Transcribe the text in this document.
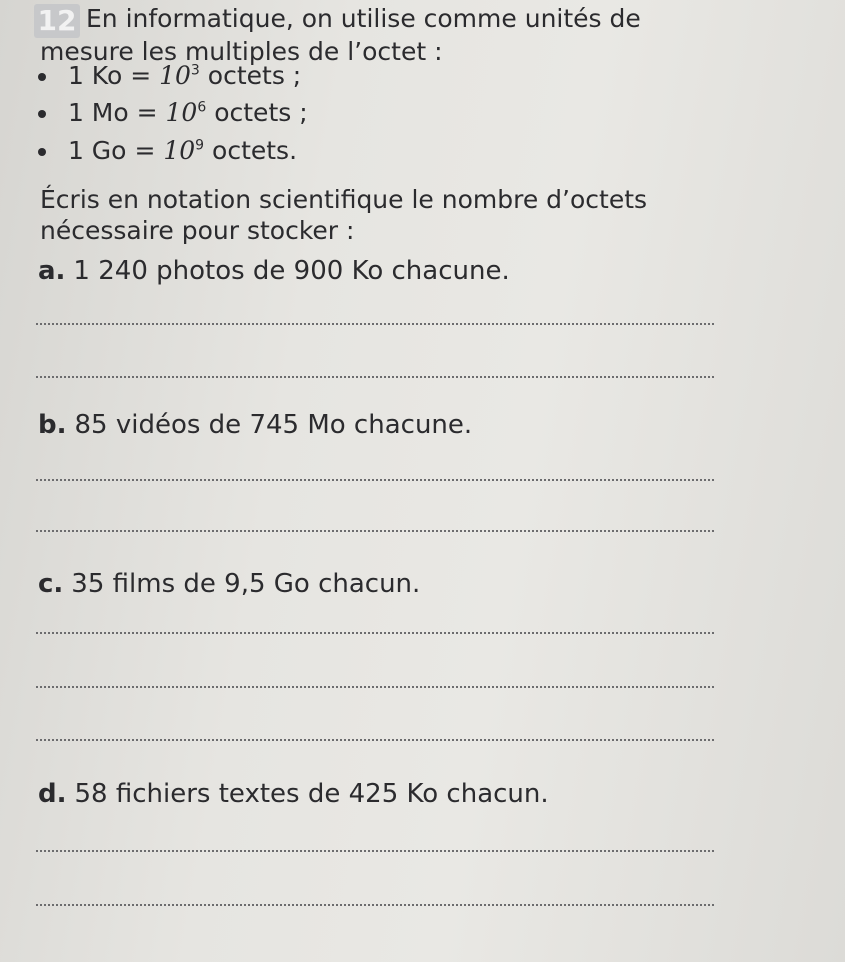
12 En informatique, on utilise comme unités de
mesure les multiples de l’octet :
1 $Ko = 10^3$ octets ;
1 $Mo = 10^6$ octets ;
1 $Go = 10^9$ octets.
Écris en notation scientifique le nombre d’octets
nécessaire pour stocker :
a. 1 240 photos de 900 Ko chacune.
b. 85 vidéos de 745 Mo chacune.
c. 35 films de 9,5 Go chacun.
d. 58 fichiers textes de 425 Ko chacun.
